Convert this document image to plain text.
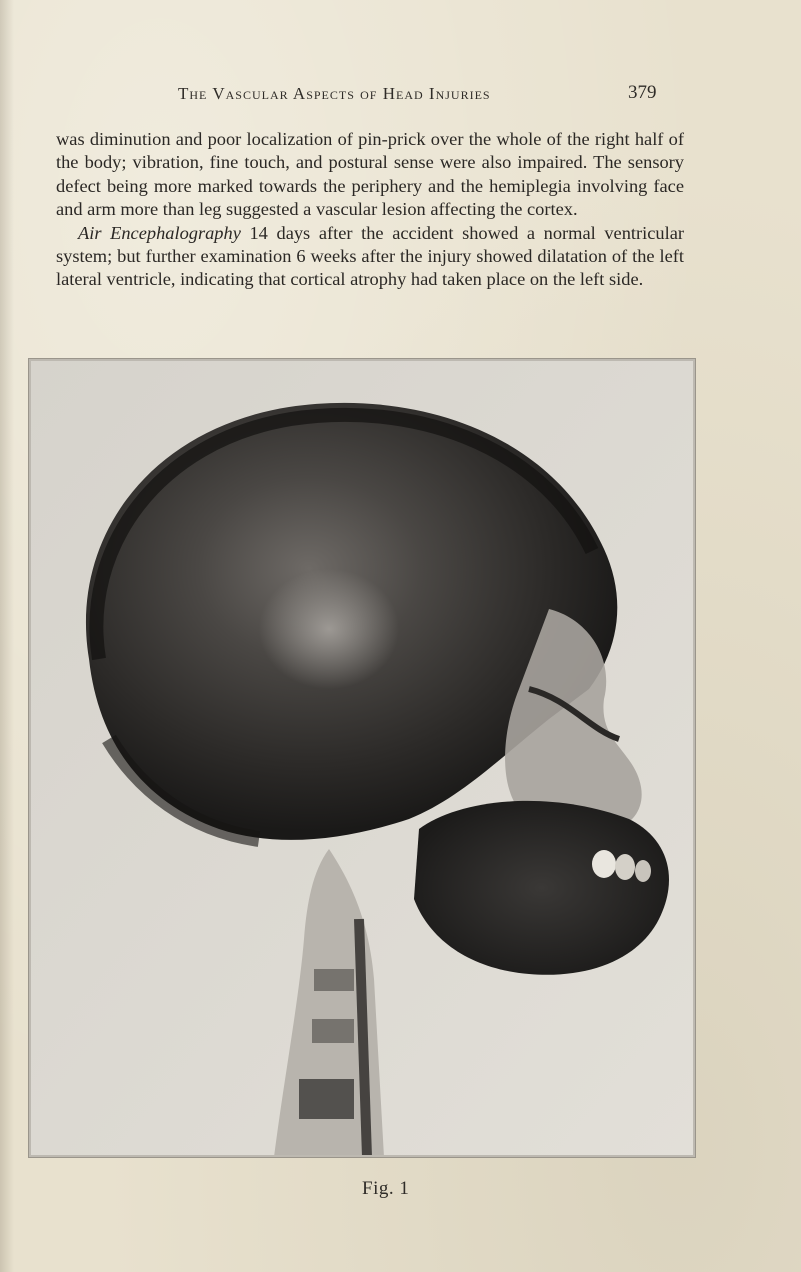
The Vascular Aspects of Head Injuries	379

was diminution and poor localization of pin-prick over the whole of the right half of the body; vibration, fine touch, and postural sense were also impaired. The sensory defect being more marked towards the periphery and the hemiplegia involving face and arm more than leg suggested a vascular lesion affecting the cortex.

Air Encephalography 14 days after the accident showed a normal ventricular system; but further examination 6 weeks after the injury showed dilatation of the left lateral ventricle, indicating that cortical atrophy had taken place on the left side.

Fig. 1
